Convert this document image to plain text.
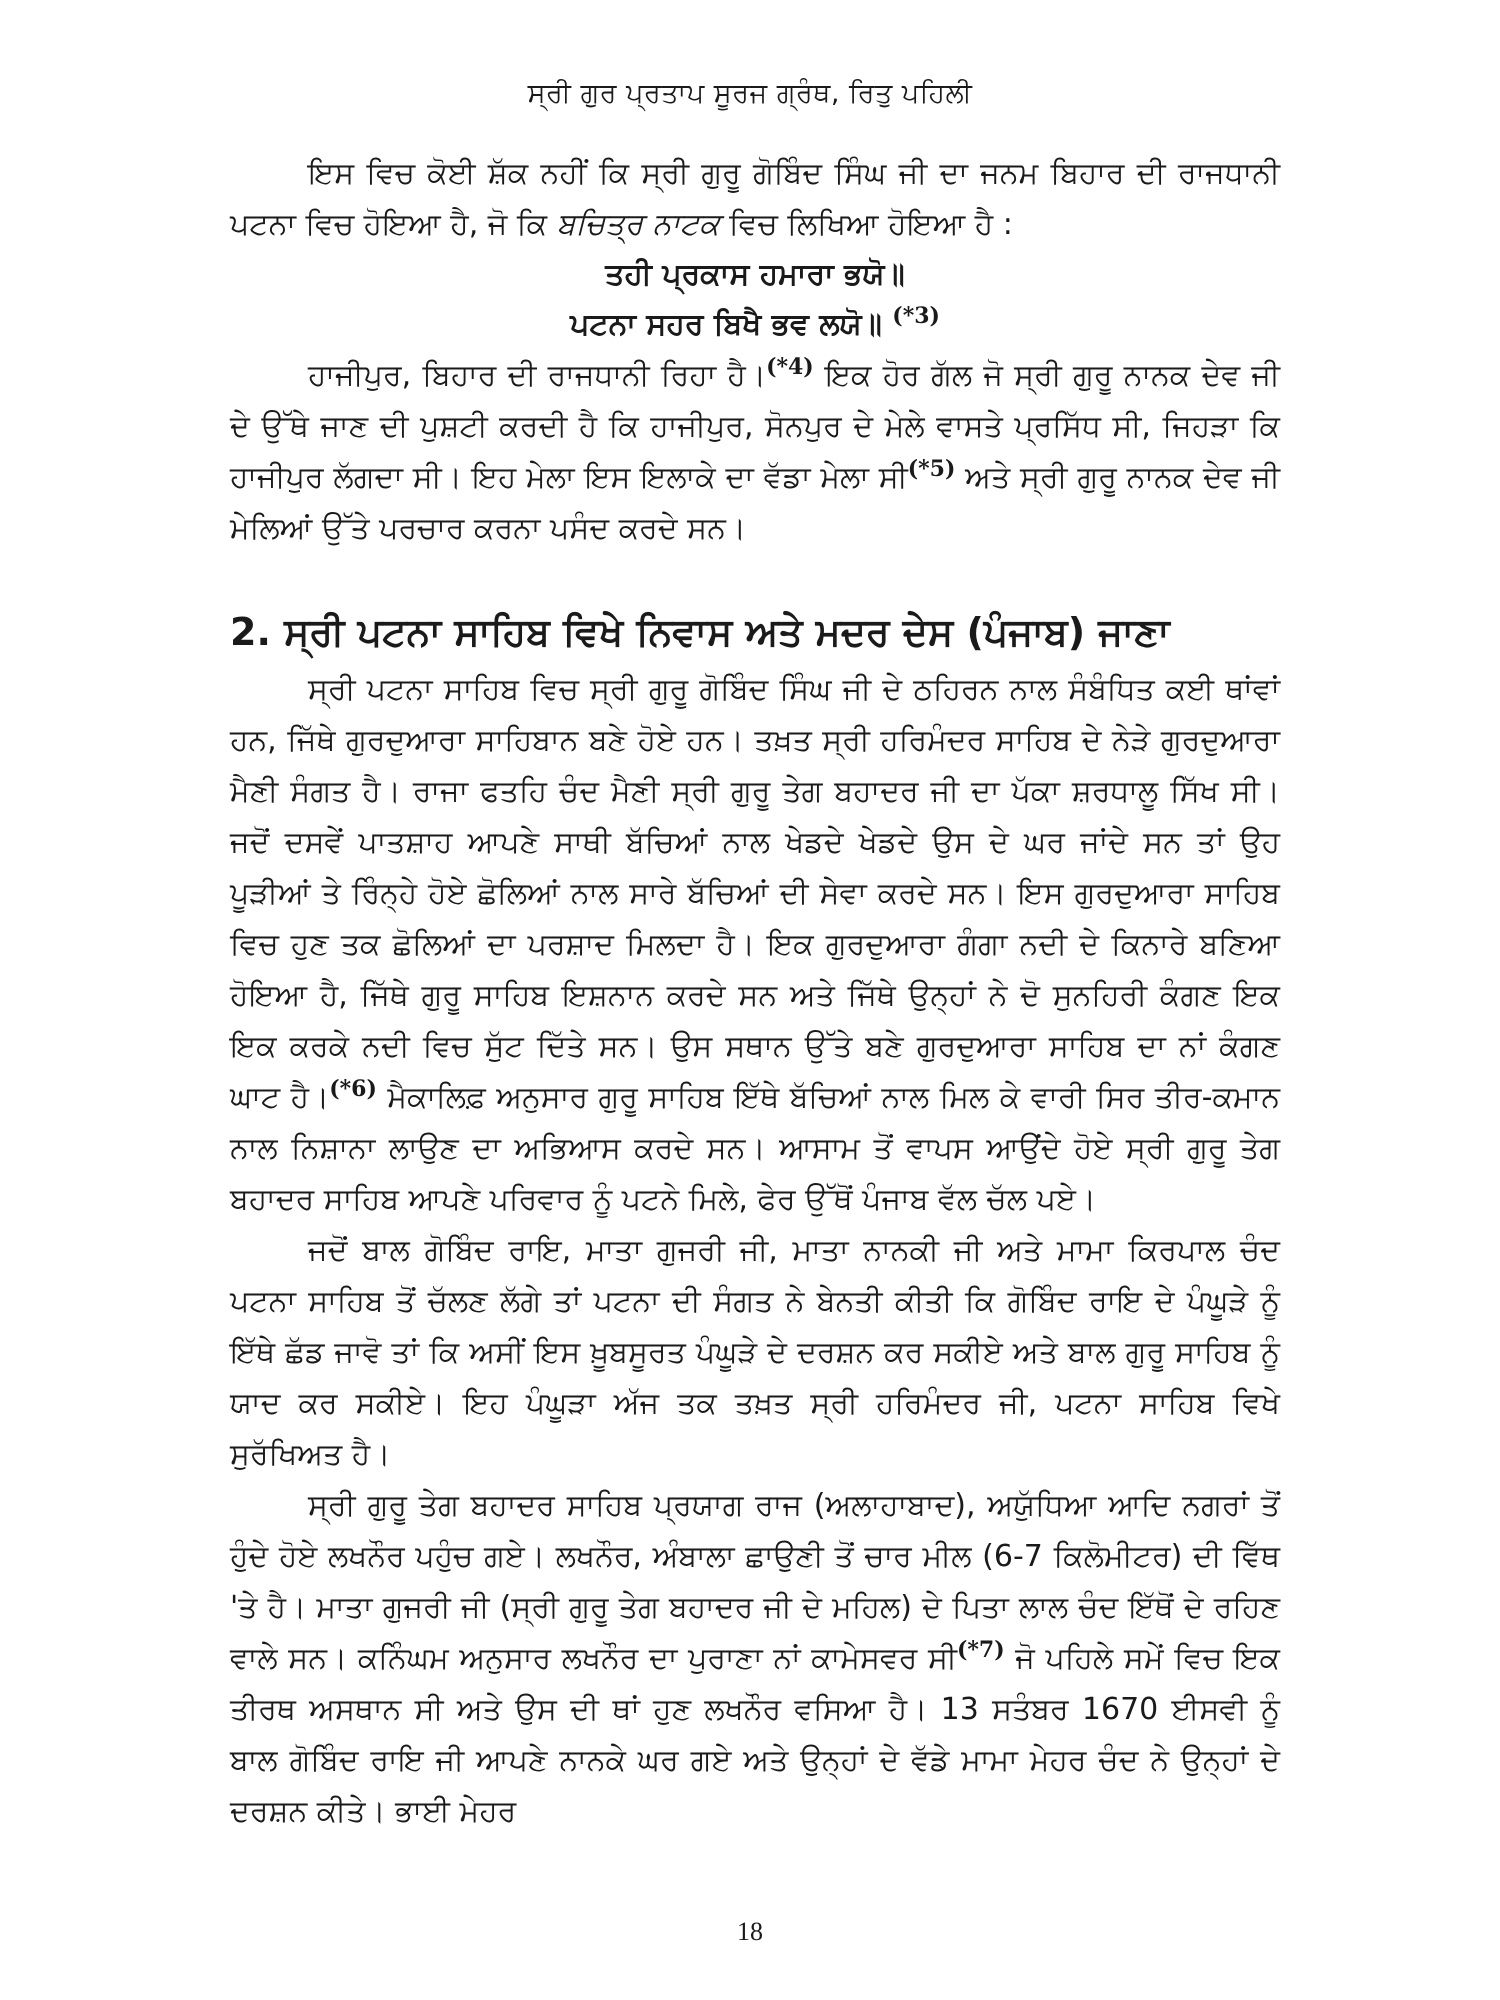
ਸ੍ਰੀ ਗੁਰ ਪ੍ਰਤਾਪ ਸੂਰਜ ਗ੍ਰੰਥ, ਰਿਤੁ ਪਹਿਲੀ

ਇਸ ਵਿਚ ਕੋਈ ਸ਼ੱਕ ਨਹੀਂ ਕਿ ਸ੍ਰੀ ਗੁਰੂ ਗੋਬਿੰਦ ਸਿੰਘ ਜੀ ਦਾ ਜਨਮ ਬਿਹਾਰ ਦੀ ਰਾਜਧਾਨੀ ਪਟਨਾ ਵਿਚ ਹੋਇਆ ਹੈ, ਜੋ ਕਿ ਬਚਿਤ੍ਰ ਨਾਟਕ ਵਿਚ ਲਿਖਿਆ ਹੋਇਆ ਹੈ :

ਤਹੀ ਪ੍ਰਕਾਸ ਹਮਾਰਾ ਭਯੋ॥
ਪਟਨਾ ਸਹਰ ਬਿਖੈ ਭਵ ਲਯੋ॥ $^{(*3)}$

ਹਾਜੀਪੁਰ, ਬਿਹਾਰ ਦੀ ਰਾਜਧਾਨੀ ਰਿਹਾ ਹੈ।$^{(*4)}$ ਇਕ ਹੋਰ ਗੱਲ ਜੋ ਸ੍ਰੀ ਗੁਰੂ ਨਾਨਕ ਦੇਵ ਜੀ ਦੇ ਉੱਥੇ ਜਾਣ ਦੀ ਪੁਸ਼ਟੀ ਕਰਦੀ ਹੈ ਕਿ ਹਾਜੀਪੁਰ, ਸੋਨਪੁਰ ਦੇ ਮੇਲੇ ਵਾਸਤੇ ਪ੍ਰਸਿੱਧ ਸੀ, ਜਿਹੜਾ ਕਿ ਹਾਜੀਪੁਰ ਲੱਗਦਾ ਸੀ। ਇਹ ਮੇਲਾ ਇਸ ਇਲਾਕੇ ਦਾ ਵੱਡਾ ਮੇਲਾ ਸੀ$^{(*5)}$ ਅਤੇ ਸ੍ਰੀ ਗੁਰੂ ਨਾਨਕ ਦੇਵ ਜੀ ਮੇਲਿਆਂ ਉੱਤੇ ਪਰਚਾਰ ਕਰਨਾ ਪਸੰਦ ਕਰਦੇ ਸਨ।

2. ਸ੍ਰੀ ਪਟਨਾ ਸਾਹਿਬ ਵਿਖੇ ਨਿਵਾਸ ਅਤੇ ਮਦਰ ਦੇਸ (ਪੰਜਾਬ) ਜਾਣਾ

ਸ੍ਰੀ ਪਟਨਾ ਸਾਹਿਬ ਵਿਚ ਸ੍ਰੀ ਗੁਰੂ ਗੋਬਿੰਦ ਸਿੰਘ ਜੀ ਦੇ ਠਹਿਰਨ ਨਾਲ ਸੰਬੰਧਿਤ ਕਈ ਥਾਂਵਾਂ ਹਨ, ਜਿੱਥੇ ਗੁਰਦੁਆਰਾ ਸਾਹਿਬਾਨ ਬਣੇ ਹੋਏ ਹਨ। ਤਖ਼ਤ ਸ੍ਰੀ ਹਰਿਮੰਦਰ ਸਾਹਿਬ ਦੇ ਨੇੜੇ ਗੁਰਦੁਆਰਾ ਮੈਣੀ ਸੰਗਤ ਹੈ। ਰਾਜਾ ਫਤਹਿ ਚੰਦ ਮੈਣੀ ਸ੍ਰੀ ਗੁਰੂ ਤੇਗ ਬਹਾਦਰ ਜੀ ਦਾ ਪੱਕਾ ਸ਼ਰਧਾਲੂ ਸਿੱਖ ਸੀ। ਜਦੋਂ ਦਸਵੇਂ ਪਾਤਸ਼ਾਹ ਆਪਣੇ ਸਾਥੀ ਬੱਚਿਆਂ ਨਾਲ ਖੇਡਦੇ ਖੇਡਦੇ ਉਸ ਦੇ ਘਰ ਜਾਂਦੇ ਸਨ ਤਾਂ ਉਹ ਪੂੜੀਆਂ ਤੇ ਰਿੰਨ੍ਹੇ ਹੋਏ ਛੋਲਿਆਂ ਨਾਲ ਸਾਰੇ ਬੱਚਿਆਂ ਦੀ ਸੇਵਾ ਕਰਦੇ ਸਨ। ਇਸ ਗੁਰਦੁਆਰਾ ਸਾਹਿਬ ਵਿਚ ਹੁਣ ਤਕ ਛੋਲਿਆਂ ਦਾ ਪਰਸ਼ਾਦ ਮਿਲਦਾ ਹੈ। ਇਕ ਗੁਰਦੁਆਰਾ ਗੰਗਾ ਨਦੀ ਦੇ ਕਿਨਾਰੇ ਬਣਿਆ ਹੋਇਆ ਹੈ, ਜਿੱਥੇ ਗੁਰੂ ਸਾਹਿਬ ਇਸ਼ਨਾਨ ਕਰਦੇ ਸਨ ਅਤੇ ਜਿੱਥੇ ਉਨ੍ਹਾਂ ਨੇ ਦੋ ਸੁਨਹਿਰੀ ਕੰਗਣ ਇਕ ਇਕ ਕਰਕੇ ਨਦੀ ਵਿਚ ਸੁੱਟ ਦਿੱਤੇ ਸਨ। ਉਸ ਸਥਾਨ ਉੱਤੇ ਬਣੇ ਗੁਰਦੁਆਰਾ ਸਾਹਿਬ ਦਾ ਨਾਂ ਕੰਗਣ ਘਾਟ ਹੈ।$^{(*6)}$ ਮੈਕਾਲਿਫ਼ ਅਨੁਸਾਰ ਗੁਰੂ ਸਾਹਿਬ ਇੱਥੇ ਬੱਚਿਆਂ ਨਾਲ ਮਿਲ ਕੇ ਵਾਰੀ ਸਿਰ ਤੀਰ-ਕਮਾਨ ਨਾਲ ਨਿਸ਼ਾਨਾ ਲਾਉਣ ਦਾ ਅਭਿਆਸ ਕਰਦੇ ਸਨ। ਆਸਾਮ ਤੋਂ ਵਾਪਸ ਆਉਂਦੇ ਹੋਏ ਸ੍ਰੀ ਗੁਰੂ ਤੇਗ ਬਹਾਦਰ ਸਾਹਿਬ ਆਪਣੇ ਪਰਿਵਾਰ ਨੂੰ ਪਟਨੇ ਮਿਲੇ, ਫੇਰ ਉੱਥੋਂ ਪੰਜਾਬ ਵੱਲ ਚੱਲ ਪਏ।

ਜਦੋਂ ਬਾਲ ਗੋਬਿੰਦ ਰਾਇ, ਮਾਤਾ ਗੁਜਰੀ ਜੀ, ਮਾਤਾ ਨਾਨਕੀ ਜੀ ਅਤੇ ਮਾਮਾ ਕਿਰਪਾਲ ਚੰਦ ਪਟਨਾ ਸਾਹਿਬ ਤੋਂ ਚੱਲਣ ਲੱਗੇ ਤਾਂ ਪਟਨਾ ਦੀ ਸੰਗਤ ਨੇ ਬੇਨਤੀ ਕੀਤੀ ਕਿ ਗੋਬਿੰਦ ਰਾਇ ਦੇ ਪੰਘੂੜੇ ਨੂੰ ਇੱਥੇ ਛੱਡ ਜਾਵੋ ਤਾਂ ਕਿ ਅਸੀਂ ਇਸ ਖ਼ੂਬਸੂਰਤ ਪੰਘੂੜੇ ਦੇ ਦਰਸ਼ਨ ਕਰ ਸਕੀਏ ਅਤੇ ਬਾਲ ਗੁਰੂ ਸਾਹਿਬ ਨੂੰ ਯਾਦ ਕਰ ਸਕੀਏ। ਇਹ ਪੰਘੂੜਾ ਅੱਜ ਤਕ ਤਖ਼ਤ ਸ੍ਰੀ ਹਰਿਮੰਦਰ ਜੀ, ਪਟਨਾ ਸਾਹਿਬ ਵਿਖੇ ਸੁਰੱਖਿਅਤ ਹੈ।

ਸ੍ਰੀ ਗੁਰੂ ਤੇਗ ਬਹਾਦਰ ਸਾਹਿਬ ਪ੍ਰਯਾਗ ਰਾਜ (ਅਲਾਹਾਬਾਦ), ਅਯੁੱਧਿਆ ਆਦਿ ਨਗਰਾਂ ਤੋਂ ਹੁੰਦੇ ਹੋਏ ਲਖਨੌਰ ਪਹੁੰਚ ਗਏ। ਲਖਨੌਰ, ਅੰਬਾਲਾ ਛਾਉਣੀ ਤੋਂ ਚਾਰ ਮੀਲ (6-7 ਕਿਲੋਮੀਟਰ) ਦੀ ਵਿੱਥ 'ਤੇ ਹੈ। ਮਾਤਾ ਗੁਜਰੀ ਜੀ (ਸ੍ਰੀ ਗੁਰੂ ਤੇਗ ਬਹਾਦਰ ਜੀ ਦੇ ਮਹਿਲ) ਦੇ ਪਿਤਾ ਲਾਲ ਚੰਦ ਇੱਥੋਂ ਦੇ ਰਹਿਣ ਵਾਲੇ ਸਨ। ਕਨਿੰਘਮ ਅਨੁਸਾਰ ਲਖਨੌਰ ਦਾ ਪੁਰਾਣਾ ਨਾਂ ਕਾਮੇਸਵਰ ਸੀ$^{(*7)}$ ਜੋ ਪਹਿਲੇ ਸਮੇਂ ਵਿਚ ਇਕ ਤੀਰਥ ਅਸਥਾਨ ਸੀ ਅਤੇ ਉਸ ਦੀ ਥਾਂ ਹੁਣ ਲਖਨੌਰ ਵਸਿਆ ਹੈ। 13 ਸਤੰਬਰ 1670 ਈਸਵੀ ਨੂੰ ਬਾਲ ਗੋਬਿੰਦ ਰਾਇ ਜੀ ਆਪਣੇ ਨਾਨਕੇ ਘਰ ਗਏ ਅਤੇ ਉਨ੍ਹਾਂ ਦੇ ਵੱਡੇ ਮਾਮਾ ਮੇਹਰ ਚੰਦ ਨੇ ਉਨ੍ਹਾਂ ਦੇ ਦਰਸ਼ਨ ਕੀਤੇ। ਭਾਈ ਮੇਹਰ

18
